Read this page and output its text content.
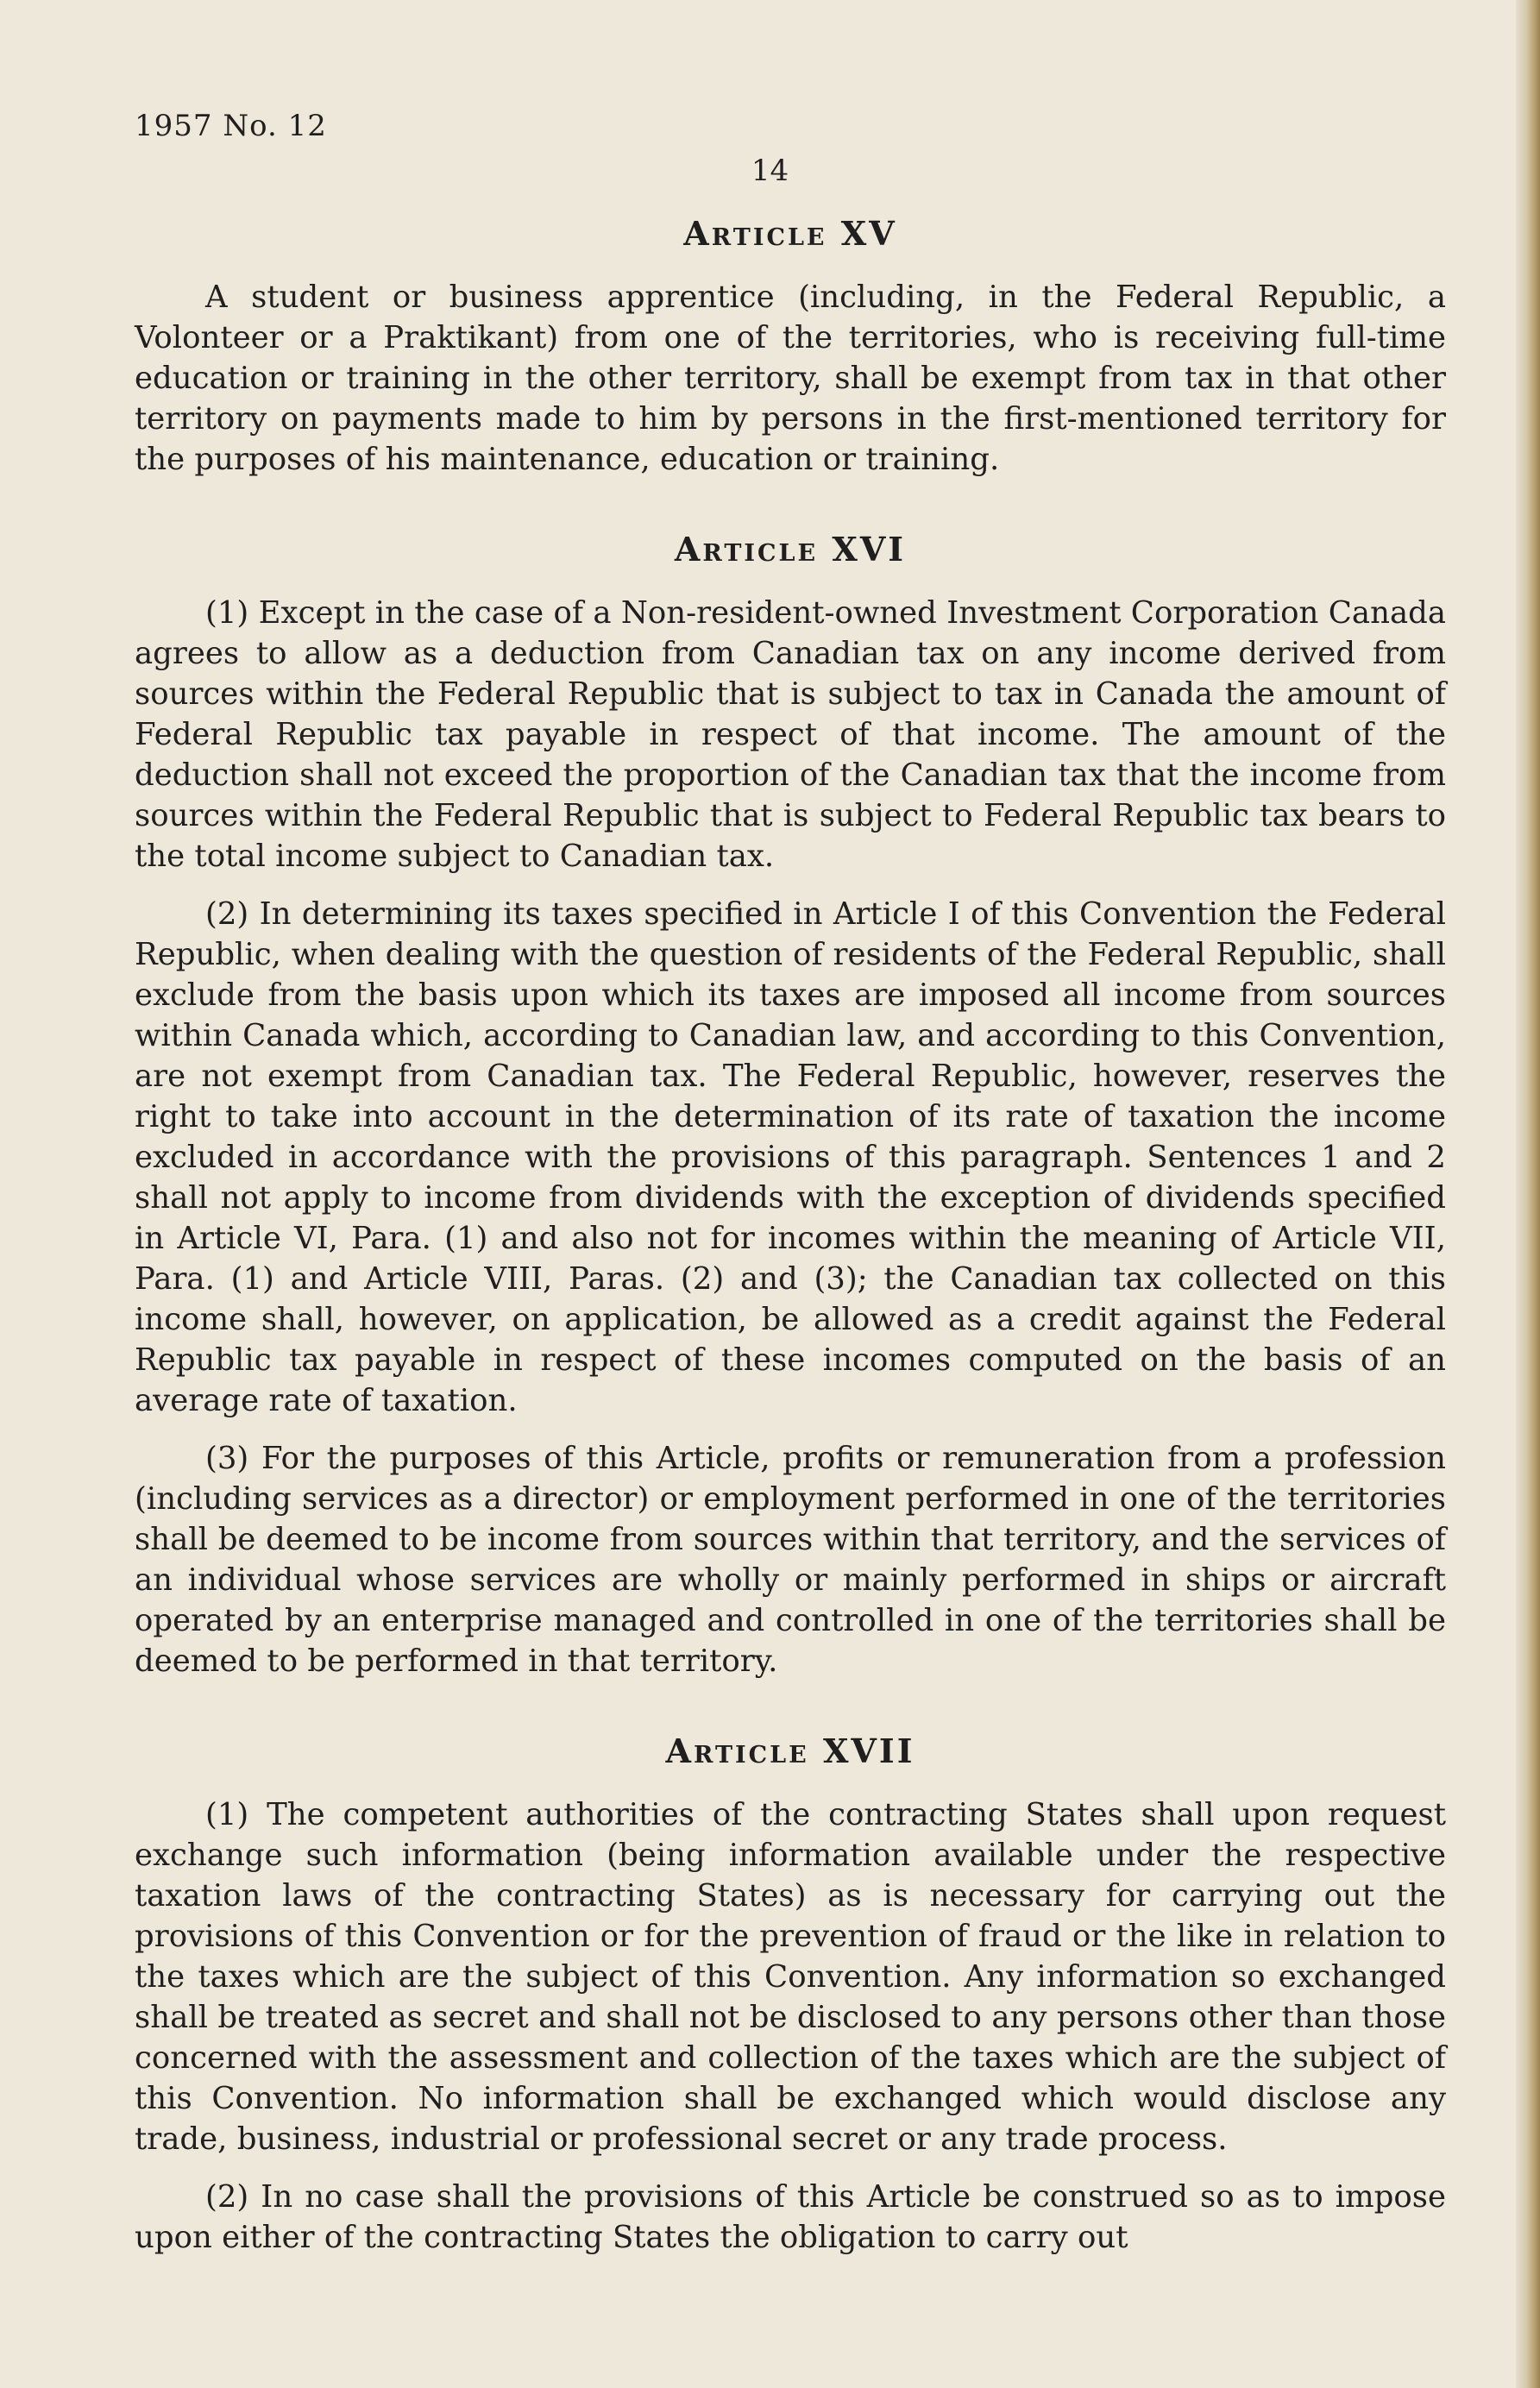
1957 No. 12
14
Article XV

A student or business apprentice (including, in the Federal Republic, a Volonteer or a Praktikant) from one of the territories, who is receiving full-time education or training in the other territory, shall be exempt from tax in that other territory on payments made to him by persons in the first-mentioned territory for the purposes of his maintenance, education or training.

Article XVI

(1) Except in the case of a Non-resident-owned Investment Corporation Canada agrees to allow as a deduction from Canadian tax on any income derived from sources within the Federal Republic that is subject to tax in Canada the amount of Federal Republic tax payable in respect of that income. The amount of the deduction shall not exceed the proportion of the Canadian tax that the income from sources within the Federal Republic that is subject to Federal Republic tax bears to the total income subject to Canadian tax.

(2) In determining its taxes specified in Article I of this Convention the Federal Republic, when dealing with the question of residents of the Federal Republic, shall exclude from the basis upon which its taxes are imposed all income from sources within Canada which, according to Canadian law, and according to this Convention, are not exempt from Canadian tax. The Federal Republic, however, reserves the right to take into account in the determination of its rate of taxation the income excluded in accordance with the provisions of this paragraph. Sentences 1 and 2 shall not apply to income from dividends with the exception of dividends specified in Article VI, Para. (1) and also not for incomes within the meaning of Article VII, Para. (1) and Article VIII, Paras. (2) and (3); the Canadian tax collected on this income shall, however, on application, be allowed as a credit against the Federal Republic tax payable in respect of these incomes computed on the basis of an average rate of taxation.

(3) For the purposes of this Article, profits or remuneration from a profession (including services as a director) or employment performed in one of the territories shall be deemed to be income from sources within that territory, and the services of an individual whose services are wholly or mainly performed in ships or aircraft operated by an enterprise managed and controlled in one of the territories shall be deemed to be performed in that territory.

Article XVII

(1) The competent authorities of the contracting States shall upon request exchange such information (being information available under the respective taxation laws of the contracting States) as is necessary for carrying out the provisions of this Convention or for the prevention of fraud or the like in relation to the taxes which are the subject of this Convention. Any information so exchanged shall be treated as secret and shall not be disclosed to any persons other than those concerned with the assessment and collection of the taxes which are the subject of this Convention. No information shall be exchanged which would disclose any trade, business, industrial or professional secret or any trade process.

(2) In no case shall the provisions of this Article be construed so as to impose upon either of the contracting States the obligation to carry out
